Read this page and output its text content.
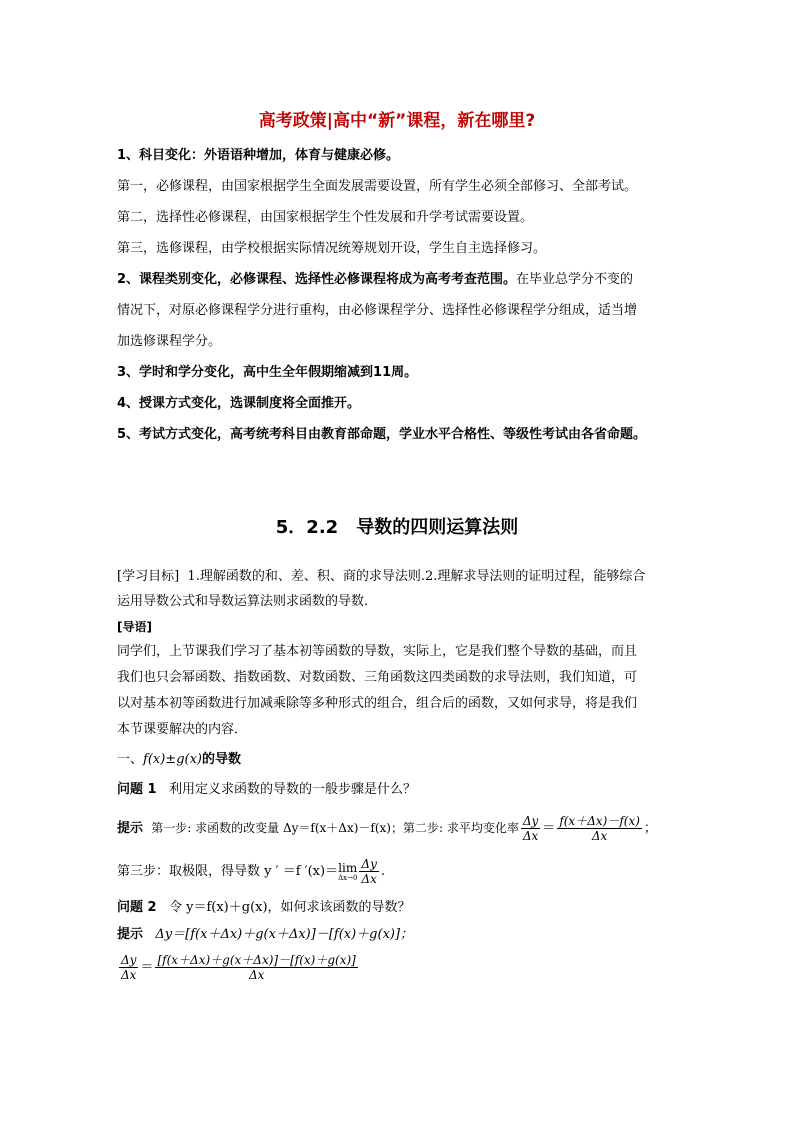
高考政策|高中“新”课程，新在哪里?
1、科目变化：外语语种增加，体育与健康必修。
第一，必修课程，由国家根据学生全面发展需要设置，所有学生必须全部修习、全部考试。
第二，选择性必修课程，由国家根据学生个性发展和升学考试需要设置。
第三，选修课程，由学校根据实际情况统筹规划开设，学生自主选择修习。
2、课程类别变化，必修课程、选择性必修课程将成为高考考查范围。在毕业总学分不变的
情况下，对原必修课程学分进行重构，由必修课程学分、选择性必修课程学分组成，适当增
加选修课程学分。
3、学时和学分变化，高中生全年假期缩减到11周。
4、授课方式变化，选课制度将全面推开。
5、考试方式变化，高考统考科目由教育部命题，学业水平合格性、等级性考试由各省命题。
5．2.2　导数的四则运算法则
[学习目标] 1.理解函数的和、差、积、商的求导法则.2.理解求导法则的证明过程，能够综合
运用导数公式和导数运算法则求函数的导数．
[导语]
同学们，上节课我们学习了基本初等函数的导数，实际上，它是我们整个导数的基础，而且
我们也只会幂函数、指数函数、对数函数、三角函数这四类函数的求导法则，我们知道，可
以对基本初等函数进行加减乘除等多种形式的组合，组合后的函数，又如何求导，将是我们
本节课要解决的内容．
一、f(x)±g(x)的导数
问题 1 利用定义求函数的导数的一般步骤是什么？
提示 第一步: 求函数的改变量 Δy＝f(x＋Δx)－f(x)；第二步: 求平均变化率 $\frac{\Delta y}{\Delta x} = \frac{f(x+\Delta x)-f(x)}{\Delta x}$ ；
第三步：取极限，得导数 y ′ ＝f ′(x)＝lim
$\Delta x\to 0 \frac{\Delta y}{\Delta x}$ .
问题 2 令 y＝f(x)＋g(x)，如何求该函数的导数？
提示 Δy＝[f(x＋Δx)＋g(x＋Δx)]－[f(x)＋g(x)]；
$\frac{\Delta y}{\Delta x} = \frac{[f(x+\Delta x)+g(x+\Delta x)]-[f(x)+g(x)]}{\Delta x}$
